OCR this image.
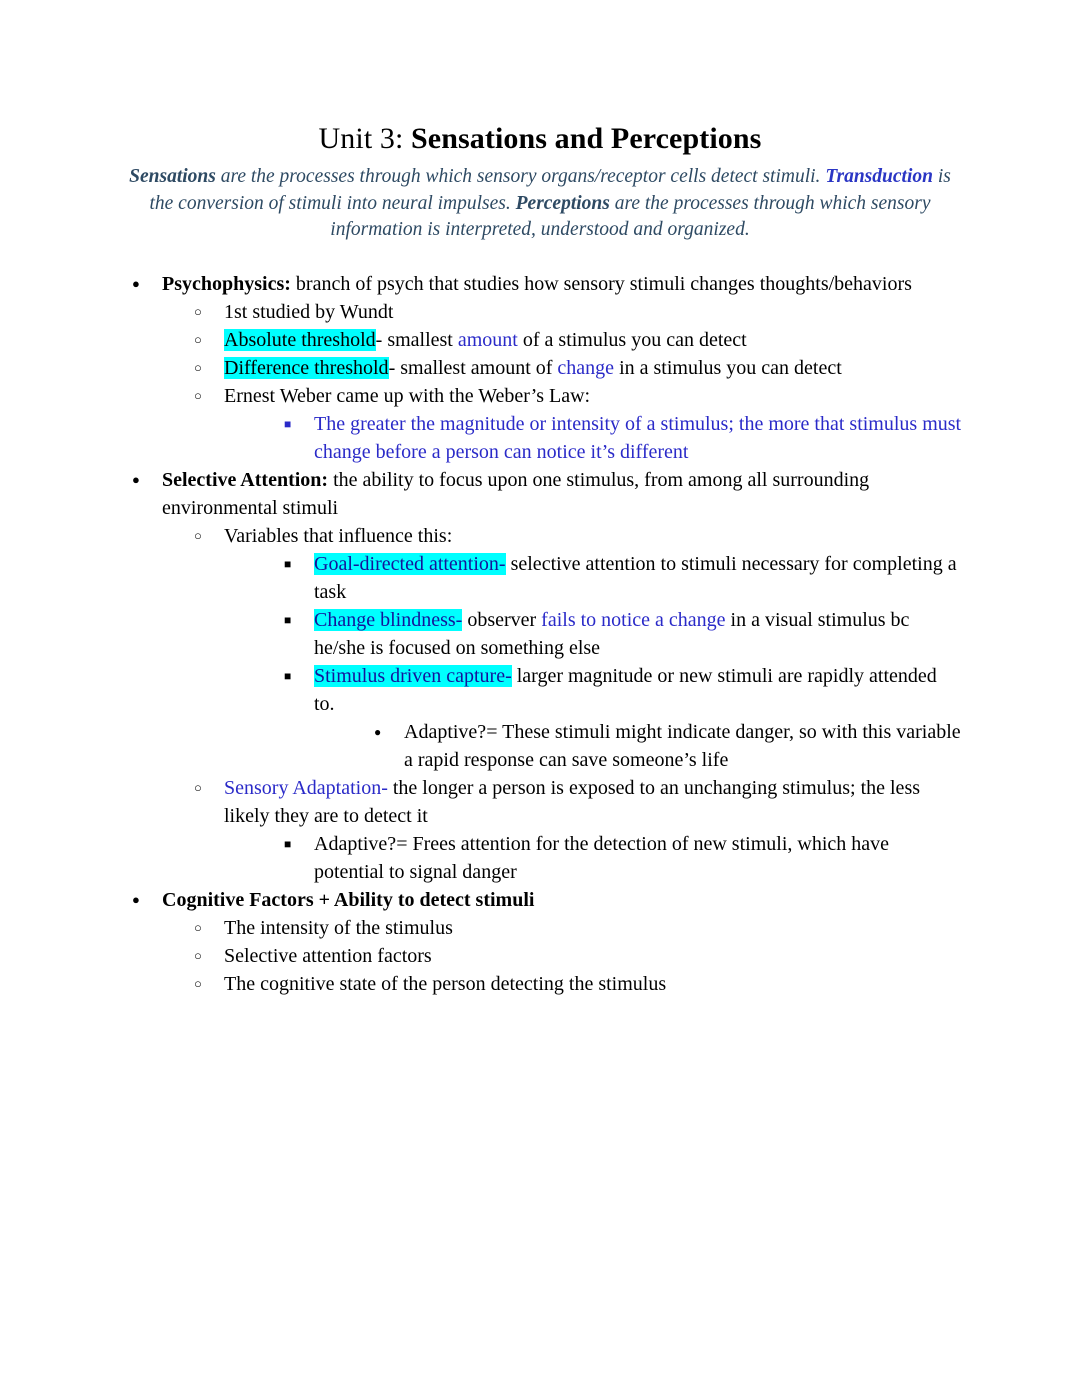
Unit 3: Sensations and Perceptions

Sensations are the processes through which sensory organs/receptor cells detect stimuli. Transduction is the conversion of stimuli into neural impulses. Perceptions are the processes through which sensory information is interpreted, understood and organized.

● Psychophysics: branch of psych that studies how sensory stimuli changes thoughts/behaviors
○ 1st studied by Wundt
○ Absolute threshold- smallest amount of a stimulus you can detect
○ Difference threshold- smallest amount of change in a stimulus you can detect
○ Ernest Weber came up with the Weber’s Law:
■ The greater the magnitude or intensity of a stimulus; the more that stimulus must change before a person can notice it’s different
● Selective Attention: the ability to focus upon one stimulus, from among all surrounding environmental stimuli
○ Variables that influence this:
■ Goal-directed attention- selective attention to stimuli necessary for completing a task
■ Change blindness- observer fails to notice a change in a visual stimulus bc he/she is focused on something else
■ Stimulus driven capture- larger magnitude or new stimuli are rapidly attended to.
● Adaptive?= These stimuli might indicate danger, so with this variable a rapid response can save someone’s life
○ Sensory Adaptation- the longer a person is exposed to an unchanging stimulus; the less likely they are to detect it
■ Adaptive?= Frees attention for the detection of new stimuli, which have potential to signal danger
● Cognitive Factors + Ability to detect stimuli
○ The intensity of the stimulus
○ Selective attention factors
○ The cognitive state of the person detecting the stimulus
